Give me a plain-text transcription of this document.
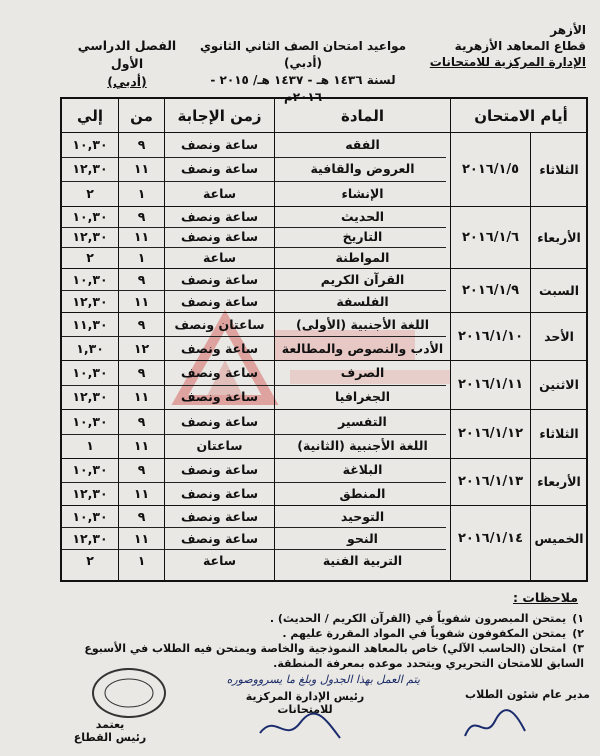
الأزهر
قطاع المعاهد الأزهرية
الإدارة المركزية للامتحانات
مواعيد امتحان الصف الثاني الثانوي (أدبي)
لسنة ١٤٣٦ هـ - ١٤٣٧ هـ/ ٢٠١٥ - ٢٠١٦م
الفصل الدراسي الأول
(أدبي)
أيام الامتحان
المادة
زمن الإجابة
من
إلي
الثلاثاء
٢٠١٦/١/٥
الفقه
ساعة ونصف
٩
١٠,٣٠
العروض والقافية
ساعة ونصف
١١
١٢,٣٠
الإنشاء
ساعة
١
٢
الأربعاء
٢٠١٦/١/٦
الحديث
ساعة ونصف
٩
١٠,٣٠
التاريخ
ساعة ونصف
١١
١٢,٣٠
المواطنة
ساعة
١
٢
السبت
٢٠١٦/١/٩
القرآن الكريم
ساعة ونصف
٩
١٠,٣٠
الفلسفة
ساعة ونصف
١١
١٢,٣٠
الأحد
٢٠١٦/١/١٠
اللغة الأجنبية (الأولى)
ساعتان ونصف
٩
١١,٣٠
الأدب والنصوص والمطالعة
ساعة ونصف
١٢
١,٣٠
الاثنين
٢٠١٦/١/١١
الصرف
ساعة ونصف
٩
١٠,٣٠
الجغرافيا
ساعة ونصف
١١
١٢,٣٠
الثلاثاء
٢٠١٦/١/١٢
التفسير
ساعة ونصف
٩
١٠,٣٠
اللغة الأجنبية (الثانية)
ساعتان
١١
١
الأربعاء
٢٠١٦/١/١٣
البلاغة
ساعة ونصف
٩
١٠,٣٠
المنطق
ساعة ونصف
١١
١٢,٣٠
الخميس
٢٠١٦/١/١٤
التوحيد
ساعة ونصف
٩
١٠,٣٠
النحو
ساعة ونصف
١١
١٢,٣٠
التربية الفنية
ساعة
١
٢
ملاحظات :
١) يمتحن المبصرون شفوياً في (القرآن الكريم / الحديث) .
٢) يمتحن المكفوفون شفوياً في المواد المقررة عليهم .
٣) امتحان (الحاسب الآلي) خاص بالمعاهد النموذجية والخاصة ويمتحن فيه الطلاب في الأسبوع السابق للامتحان التحريري ويتحدد موعده بمعرفة المنطقة.
يتم العمل بهذا الجدول وبلغ ما يسرووصوره
مدير عام شئون الطلاب
رئيس الإدارة المركزية للامتحانات
يعتمد
رئيس القطاع
